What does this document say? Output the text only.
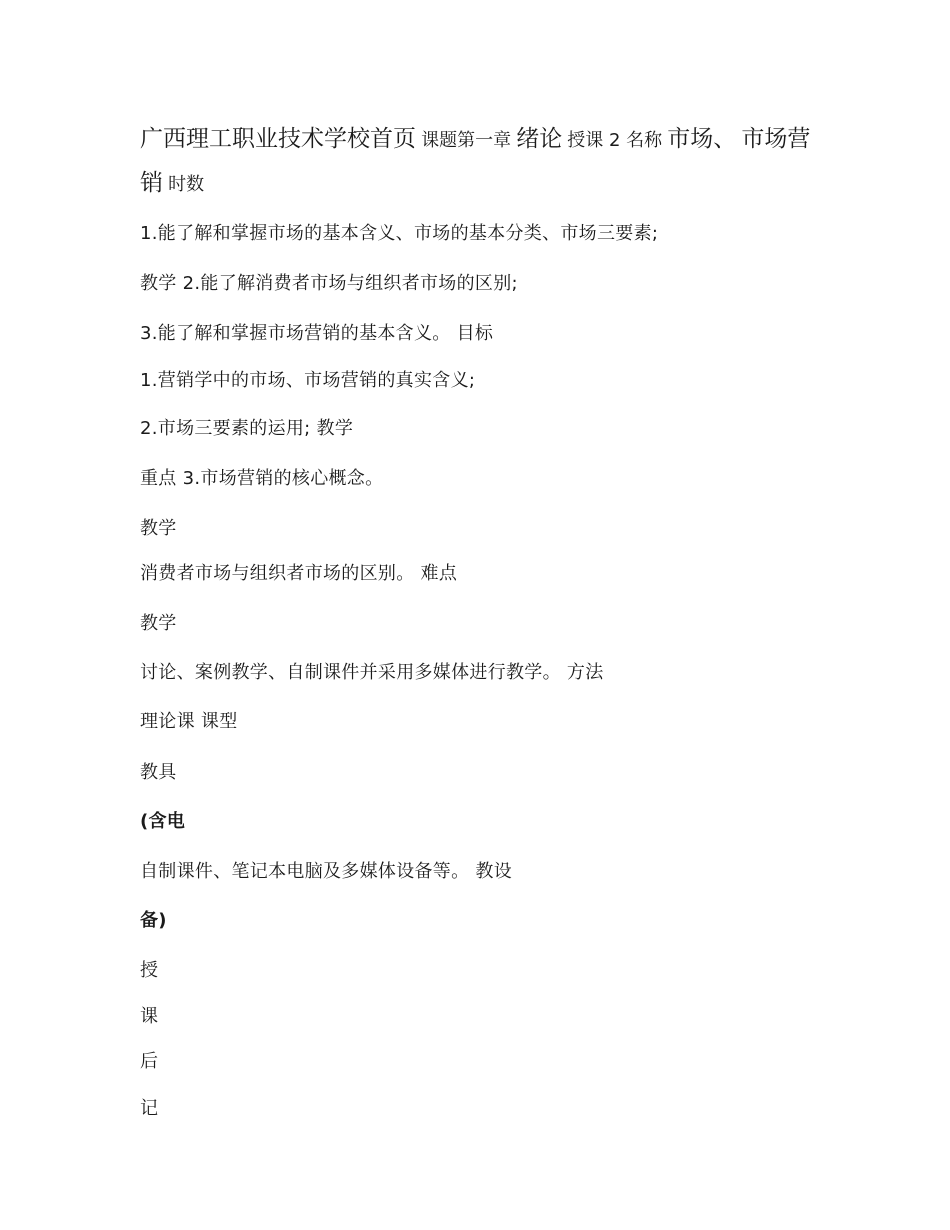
广西理工职业技术学校首页 课题第一章 绪论 授课 2 名称 市场、 市场营销 时数
1.能了解和掌握市场的基本含义、市场的基本分类、市场三要素;
教学 2.能了解消费者市场与组织者市场的区别;
3.能了解和掌握市场营销的基本含义。 目标
1.营销学中的市场、市场营销的真实含义;
2.市场三要素的运用; 教学
重点 3.市场营销的核心概念。
教学
消费者市场与组织者市场的区别。 难点
教学
讨论、案例教学、自制课件并采用多媒体进行教学。 方法
理论课 课型
教具
(含电
自制课件、笔记本电脑及多媒体设备等。 教设
备)
授
课
后
记
